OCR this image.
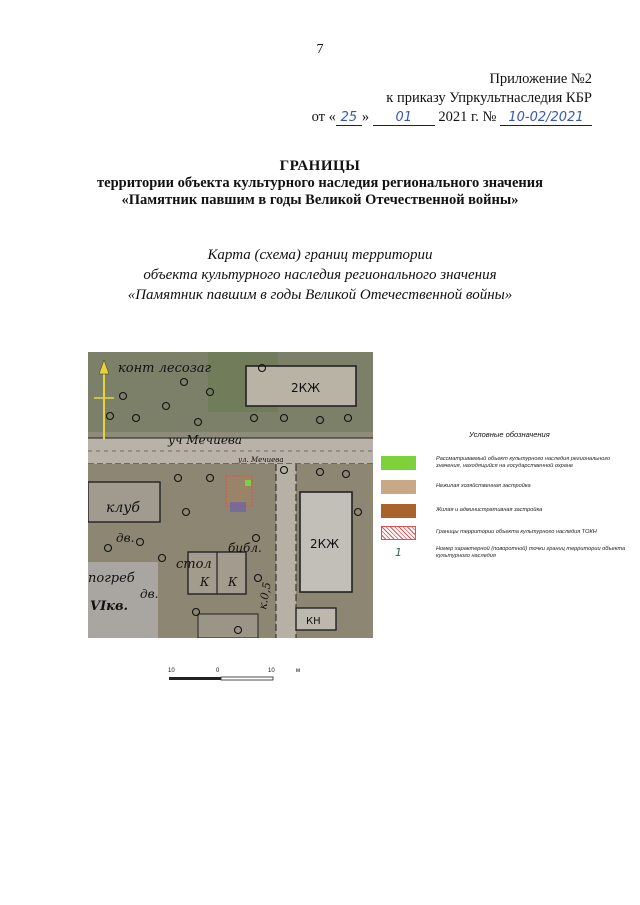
7
Приложение №2
к приказу Упркультнаследия КБР
от « 25 » 01 2021 г. № 10-02/2021
ГРАНИЦЫ
территории объекта культурного наследия регионального значения
«Памятник павшим в годы Великой Отечественной войны»
Карта (схема) границ территории
объекта культурного наследия регионального значения
«Памятник павшим в годы Великой Отечественной войны»
конт лесозаг
2КЖ
уч Мечиева
ул. Мечиева
клуб
2КЖ
библ.
стол
К К к.0,5
погреб
дв.
дв.
VIкв.
КН
Условные обозначения
Рассматриваемый объект культурного наследия регионального значения, находящийся на государственной охране
Нежилая хозяйственная застройка
Жилая и административная застройка
Границы территории объекта культурного наследия ТОКН
1	Номер характерной (поворотной) точки границ территории объекта культурного наследия
10	0	10	м
